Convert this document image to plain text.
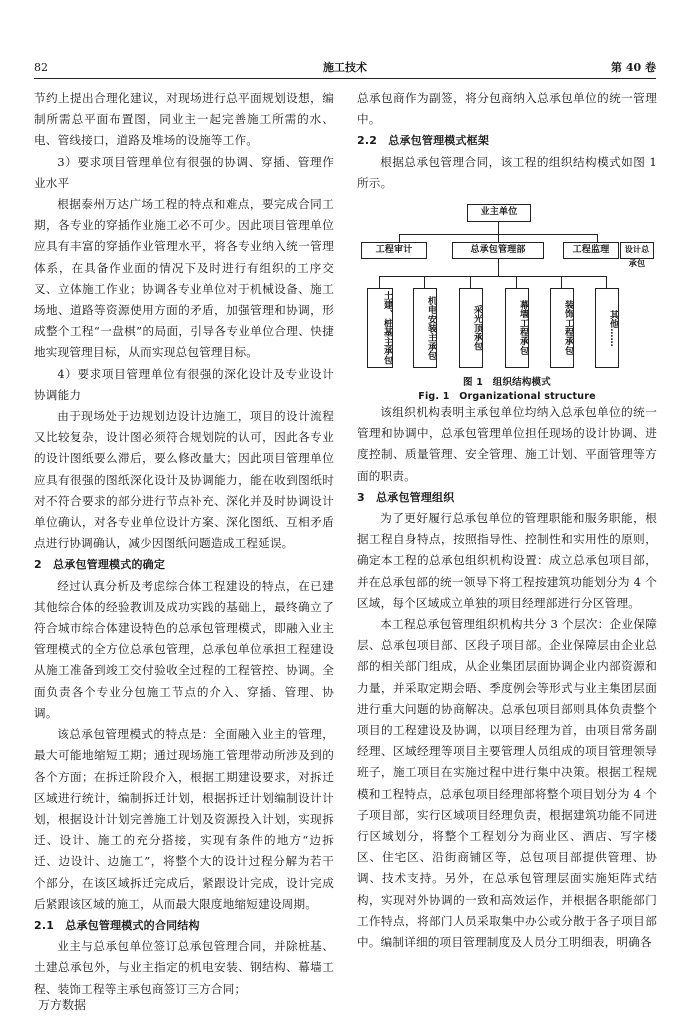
82	施工技术	第 40 卷

节约上提出合理化建议，对现场进行总平面规划设想，编制所需总平面布置图，同业主一起完善施工所需的水、电、管线接口，道路及堆场的设施等工作。

3）要求项目管理单位有很强的协调、穿插、管理作业水平

根据泰州万达广场工程的特点和难点，要完成合同工期，各专业的穿插作业施工必不可少。因此项目管理单位应具有丰富的穿插作业管理水平，将各专业纳入统一管理体系，在具备作业面的情况下及时进行有组织的工序交叉、立体施工作业；协调各专业单位对于机械设备、施工场地、道路等资源使用方面的矛盾，加强管理和协调，形成整个工程“一盘棋”的局面，引导各专业单位合理、快捷地实现管理目标，从而实现总包管理目标。

4）要求项目管理单位有很强的深化设计及专业设计协调能力

由于现场处于边规划边设计边施工，项目的设计流程又比较复杂，设计图必须符合规划院的认可，因此各专业的设计图纸要么滞后，要么修改量大；因此项目管理单位应具有很强的图纸深化设计及协调能力，能在收到图纸时对不符合要求的部分进行节点补充、深化并及时协调设计单位确认，对各专业单位设计方案、深化图纸、互相矛盾点进行协调确认，减少因图纸问题造成工程延误。

2　总承包管理模式的确定

经过认真分析及考虑综合体工程建设的特点，在已建其他综合体的经验教训及成功实践的基础上，最终确立了符合城市综合体建设特色的总承包管理模式，即融入业主管理模式的全方位总承包管理，总承包单位承担工程建设从施工准备到竣工交付验收全过程的工程管控、协调。全面负责各个专业分包施工节点的介入、穿插、管理、协调。

该总承包管理模式的特点是：全面融入业主的管理，最大可能地缩短工期；通过现场施工管理带动所涉及到的各个方面；在拆迁阶段介入，根据工期建设要求，对拆迁区域进行统计，编制拆迁计划，根据拆迁计划编制设计计划，根据设计计划完善施工计划及资源投入计划，实现拆迁、设计、施工的充分搭接，实现有条件的地方“边拆迁、边设计、边施工”，将整个大的设计过程分解为若干个部分，在该区域拆迁完成后，紧跟设计完成，设计完成后紧跟该区域的施工，从而最大限度地缩短建设周期。

2.1　总承包管理模式的合同结构

业主与总承包单位签订总承包管理合同，并除桩基、土建总承包外，与业主指定的机电安装、钢结构、幕墙工程、装饰工程等主承包商签订三方合同；

总承包商作为副签，将分包商纳入总承包单位的统一管理中。

2.2　总承包管理模式框架

根据总承包管理合同，该工程的组织结构模式如图 1 所示。

业主单位
工程审计	总承包管理部	工程监理	设计总承包
土建、桩基主承包	机电安装主承包	采光顶承包	幕墙工程承包	装饰工程承包	其他……
图 1　组织结构模式
Fig. 1　Organizational structure

该组织机构表明主承包单位均纳入总承包单位的统一管理和协调中，总承包管理单位担任现场的设计协调、进度控制、质量管理、安全管理、施工计划、平面管理等方面的职责。

3　总承包管理组织

为了更好履行总承包单位的管理职能和服务职能，根据工程自身特点，按照指导性、控制性和实用性的原则，确定本工程的总承包组织机构设置：成立总承包项目部，并在总承包部的统一领导下将工程按建筑功能划分为 4 个区域，每个区域成立单独的项目经理部进行分区管理。

本工程总承包管理组织机构共分 3 个层次：企业保障层、总承包项目部、区段子项目部。企业保障层由企业总部的相关部门组成，从企业集团层面协调企业内部资源和力量，并采取定期会晤、季度例会等形式与业主集团层面进行重大问题的协商解决。总承包项目部则具体负责整个项目的工程建设及协调，以项目经理为首，由项目常务副经理、区域经理等项目主要管理人员组成的项目管理领导班子，施工项目在实施过程中进行集中决策。根据工程规模和工程特点，总承包项目经理部将整个项目划分为 4 个子项目部，实行区域项目经理负责，根据建筑功能不同进行区域划分，将整个工程划分为商业区、酒店、写字楼区、住宅区、沿街商铺区等，总包项目部提供管理、协调、技术支持。另外，在总承包管理层面实施矩阵式结构，实现对外协调的一致和高效运作，并根据各职能部门工作特点，将部门人员采取集中办公或分散于各子项目部中。编制详细的项目管理制度及人员分工明细表，明确各

万方数据
